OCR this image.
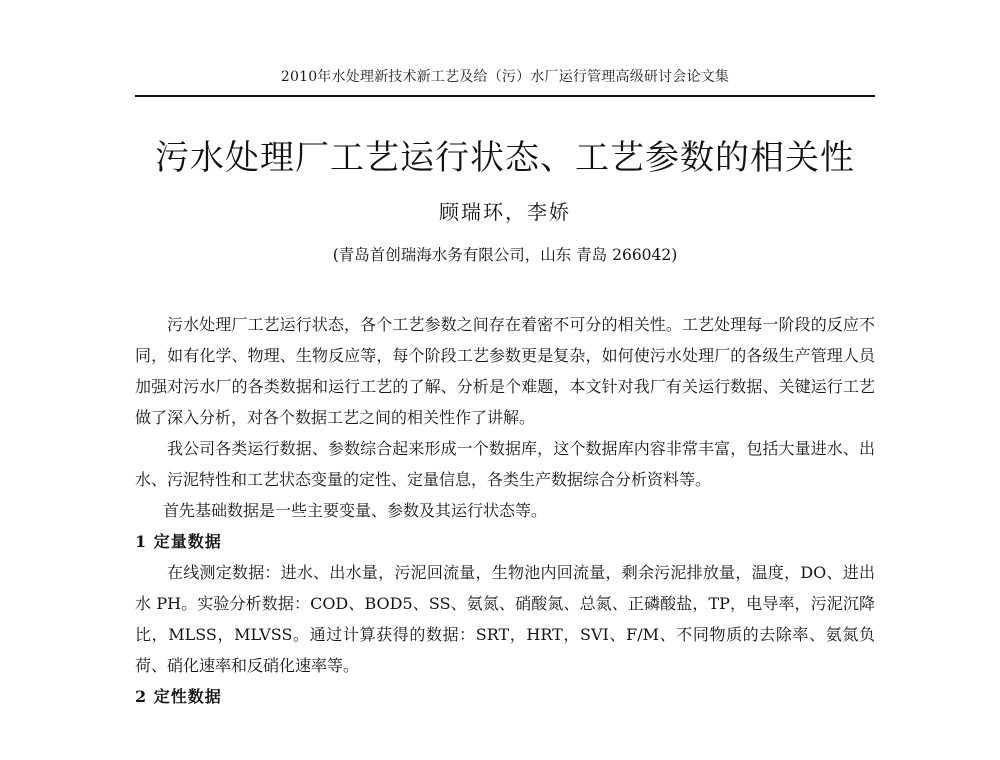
2010年水处理新技术新工艺及给（污）水厂运行管理高级研讨会论文集
污水处理厂工艺运行状态、工艺参数的相关性
顾瑞环，李娇
(青岛首创瑞海水务有限公司，山东 青岛 266042)

污水处理厂工艺运行状态，各个工艺参数之间存在着密不可分的相关性。工艺处理每一阶段的反应不同，如有化学、物理、生物反应等，每个阶段工艺参数更是复杂，如何使污水处理厂的各级生产管理人员加强对污水厂的各类数据和运行工艺的了解、分析是个难题，本文针对我厂有关运行数据、关键运行工艺做了深入分析，对各个数据工艺之间的相关性作了讲解。

我公司各类运行数据、参数综合起来形成一个数据库，这个数据库内容非常丰富，包括大量进水、出水、污泥特性和工艺状态变量的定性、定量信息，各类生产数据综合分析资料等。

首先基础数据是一些主要变量、参数及其运行状态等。

1 定量数据

在线测定数据：进水、出水量，污泥回流量，生物池内回流量，剩余污泥排放量，温度，DO、进出水 PH。实验分析数据：COD、BOD5、SS、氨氮、硝酸氮、总氮、正磷酸盐，TP，电导率，污泥沉降比，MLSS，MLVSS。通过计算获得的数据：SRT，HRT，SVI、F/M、不同物质的去除率、氨氮负荷、硝化速率和反硝化速率等。

2 定性数据
